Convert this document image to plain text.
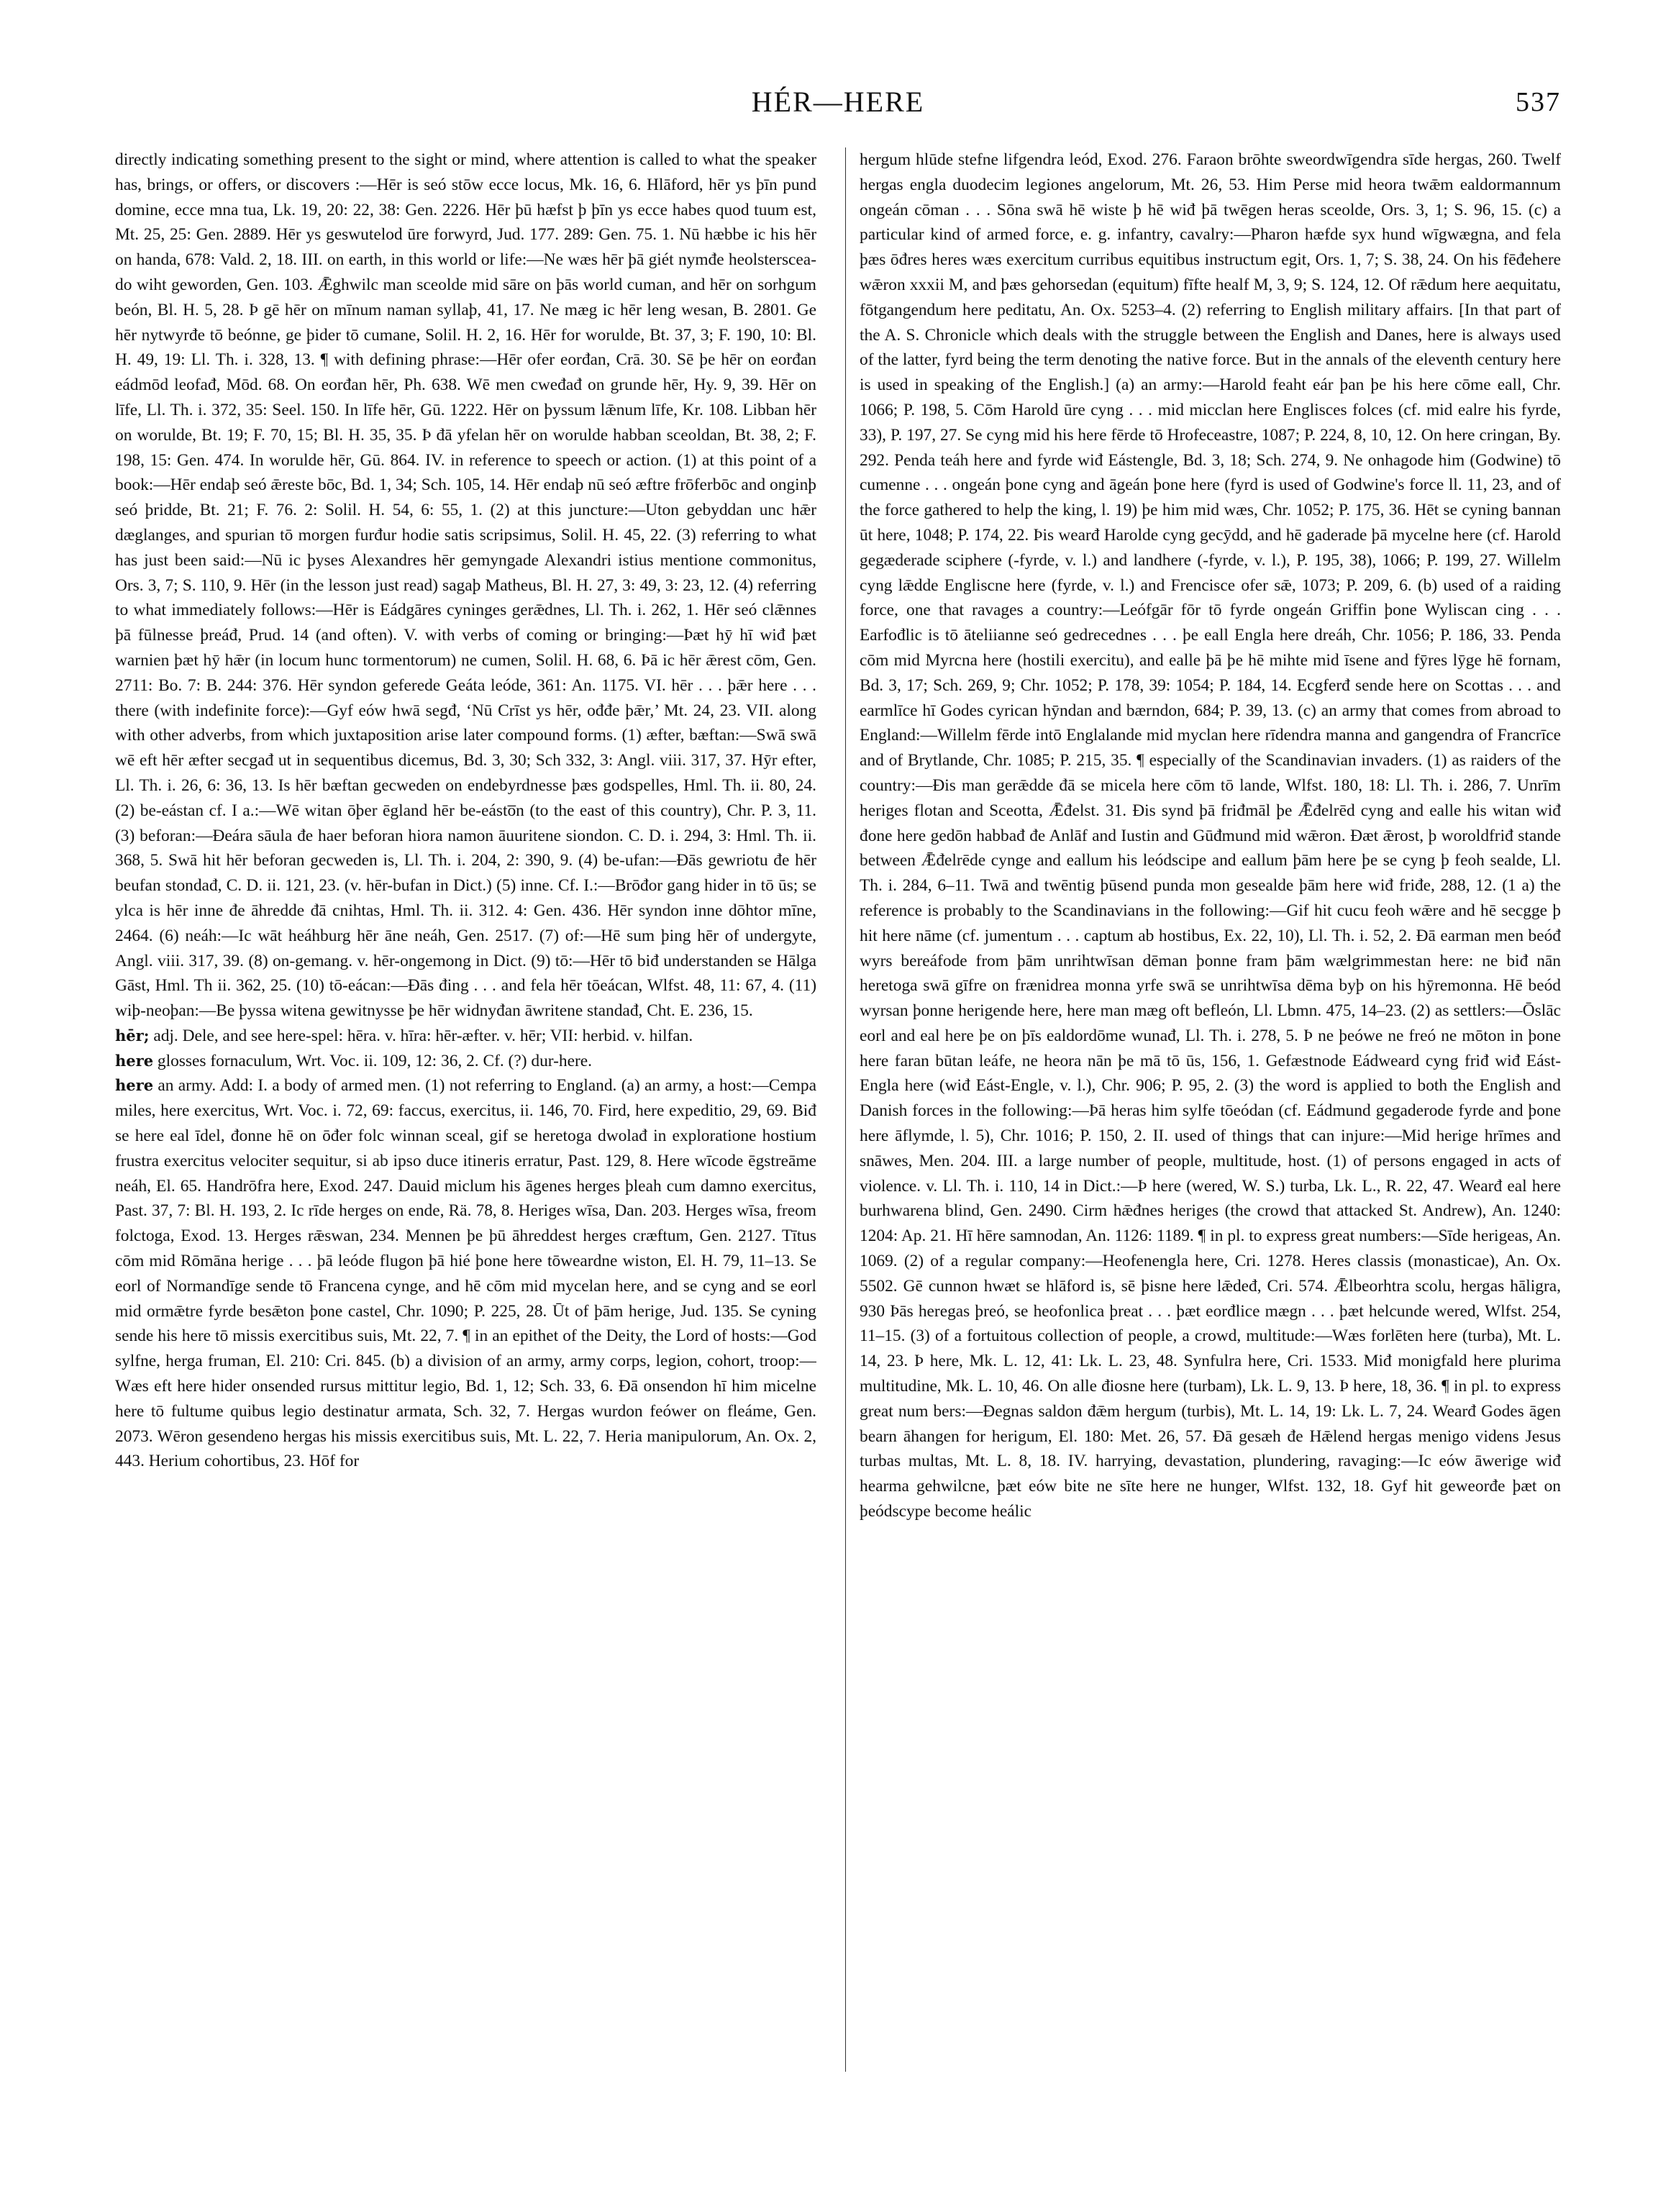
HÉR—HERE	537

directly indicating something present to the sight or mind, where attention is called to what the speaker has, brings, or offers, or discovers :—Hēr is seó stōw ecce locus, Mk. 16, 6. Hlāford, hēr ys þīn pund domine, ecce mna tua, Lk. 19, 20: 22, 38: Gen. 2226. Hēr þū hæfst þ þīn ys ecce habes quod tuum est, Mt. 25, 25: Gen. 2889. Hēr ys geswutelod ūre forwyrd, Jud. 177. 289: Gen. 75. 1. Nū hæbbe ic his hēr on handa, 678: Vald. 2, 18. III. on earth, in this world or life:—Ne wæs hēr þā giét nymđe heolstersceado wiht geworden, Gen. 103. Ǣghwilc man sceolde mid sāre on þās world cuman, and hēr on sorhgum beón, Bl. H. 5, 28. Þ gē hēr on mīnum naman syllaþ, 41, 17. Ne mæg ic hēr leng wesan, B. 2801. Ge hēr nytwyrđe tō beónne, ge þider tō cumane, Solil. H. 2, 16. Hēr for worulde, Bt. 37, 3; F. 190, 10: Bl. H. 49, 19: Ll. Th. i. 328, 13. ¶ with defining phrase:—Hēr ofer eorđan, Crā. 30. Sē þe hēr on eorđan eádmōd leofađ, Mōd. 68. On eorđan hēr, Ph. 638. Wē men cweđađ on grunde hēr, Hy. 9, 39. Hēr on līfe, Ll. Th. i. 372, 35: Seel. 150. In līfe hēr, Gū. 1222. Hēr on þyssum lǣnum līfe, Kr. 108. Libban hēr on worulde, Bt. 19; F. 70, 15; Bl. H. 35, 35. Þ đā yfelan hēr on worulde habban sceoldan, Bt. 38, 2; F. 198, 15: Gen. 474. In worulde hēr, Gū. 864. IV. in reference to speech or action. (1) at this point of a book:—Hēr endaþ seó ǣreste bōc, Bd. 1, 34; Sch. 105, 14. Hēr endaþ nū seó æftre frōferbōc and onginþ seó þridde, Bt. 21; F. 76. 2: Solil. H. 54, 6: 55, 1. (2) at this juncture:—Uton gebyddan unc hǣr dæglanges, and spurian tō morgen furđur hodie satis scripsimus, Solil. H. 45, 22. (3) referring to what has just been said:—Nū ic þyses Alexandres hēr gemyngade Alexandri istius mentione commonitus, Ors. 3, 7; S. 110, 9. Hēr (in the lesson just read) sagaþ Matheus, Bl. H. 27, 3: 49, 3: 23, 12. (4) referring to what immediately follows:—Hēr is Eádgāres cyninges gerǣdnes, Ll. Th. i. 262, 1. Hēr seó clǣnnes þā fūlnesse þreáđ, Prud. 14 (and often). V. with verbs of coming or bringing:—Þæt hȳ hī wiđ þæt warnien þæt hȳ hǣr (in locum hunc tormentorum) ne cumen, Solil. H. 68, 6. Þā ic hēr ǣrest cōm, Gen. 2711: Bo. 7: B. 244: 376. Hēr syndon geferede Geáta leóde, 361: An. 1175. VI. hēr . . . þǣr here . . . there (with indefinite force):—Gyf eów hwā segđ, ‘Nū Crīst ys hēr, ođđe þǣr,’ Mt. 24, 23. VII. along with other adverbs, from which juxtaposition arise later compound forms. (1) æfter, bæftan:—Swā swā wē eft hēr æfter secgađ ut in sequentibus dicemus, Bd. 3, 30; Sch 332, 3: Angl. viii. 317, 37. Hȳr efter, Ll. Th. i. 26, 6: 36, 13. Is hēr bæftan gecweden on endebyrdnesse þæs godspelles, Hml. Th. ii. 80, 24. (2) be-eástan cf. I a.:—Wē witan ōþer ēgland hēr be-eásto̅n (to the east of this country), Chr. P. 3, 11. (3) beforan:—Đeára sāula đe haer beforan hiora namon āuuritene siondon. C. D. i. 294, 3: Hml. Th. ii. 368, 5. Swā hit hēr beforan gecweden is, Ll. Th. i. 204, 2: 390, 9. (4) be-ufan:—Đās gewriotu đe hēr beufan stondađ, C. D. ii. 121, 23. (v. hēr-bufan in Dict.) (5) inne. Cf. I.:—Brōđor gang hider in tō ūs; se ylca is hēr inne đe āhredde đā cnihtas, Hml. Th. ii. 312. 4: Gen. 436. Hēr syndon inne dōhtor mīne, 2464. (6) neáh:—Ic wāt heáhburg hēr āne neáh, Gen. 2517. (7) of:—Hē sum þing hēr of undergyte, Angl. viii. 317, 39. (8) on-gemang. v. hēr-ongemong in Dict. (9) tō:—Hēr tō biđ understanden se Hālga Gāst, Hml. Th ii. 362, 25. (10) tō-eácan:—Đās đing . . . and fela hēr tōeácan, Wlfst. 48, 11: 67, 4. (11) wiþ-neoþan:—Be þyssa witena gewitnysse þe hēr widnyđan āwritene standađ, Cht. E. 236, 15.

hēr; adj. Dele, and see here-spel: hēra. v. hīra: hēr-æfter. v. hēr; VII: herbid. v. hilfan.

here glosses fornaculum, Wrt. Voc. ii. 109, 12: 36, 2. Cf. (?) dur-here.

here an army. Add: I. a body of armed men. (1) not referring to England. (a) an army, a host:—Cempa miles, here exercitus, Wrt. Voc. i. 72, 69: faccus, exercitus, ii. 146, 70. Fird, here expeditio, 29, 69. Biđ se here eal īdel, đonne hē on ōđer folc winnan sceal, gif se heretoga dwolađ in exploratione hostium frustra exercitus velociter sequitur, si ab ipso duce itineris erratur, Past. 129, 8. Here wīcode ēgstreāme neáh, El. 65. Handrōfra here, Exod. 247. Dauid miclum his āgenes herges þleah cum damno exercitus, Past. 37, 7: Bl. H. 193, 2. Ic rīde herges on ende, Rä. 78, 8. Heriges wīsa, Dan. 203. Herges wīsa, freom folctoga, Exod. 13. Herges rǣswan, 234. Mennen þe þū āhreddest herges cræftum, Gen. 2127. Tītus cōm mid Rōmāna herige . . . þā leóde flugon þā hié þone here tōweardne wiston, El. H. 79, 11–13. Se eorl of Normandīge sende tō Francena cynge, and hē cōm mid mycelan here, and se cyng and se eorl mid ormǣtre fyrde besǣton þone castel, Chr. 1090; P. 225, 28. Ūt of þām herige, Jud. 135. Se cyning sende his here tō missis exercitibus suis, Mt. 22, 7. ¶ in an epithet of the Deity, the Lord of hosts:—God sylfne, herga fruman, El. 210: Cri. 845. (b) a division of an army, army corps, legion, cohort, troop:—Wæs eft here hider onsended rursus mittitur legio, Bd. 1, 12; Sch. 33, 6. Đā onsendon hī him micelne here tō fultume quibus legio destinatur armata, Sch. 32, 7. Hergas wurdon feówer on fleáme, Gen. 2073. Wēron gesendeno hergas his missis exercitibus suis, Mt. L. 22, 7. Heria manipulorum, An. Ox. 2, 443. Herium cohortibus, 23. Hōf for

hergum hlūde stefne lifgendra leód, Exod. 276. Faraon brōhte sweordwīgendra sīde hergas, 260. Twelf hergas engla duodecim legiones angelorum, Mt. 26, 53. Him Perse mid heora twǣm ealdormannum ongeán cōman . . . Sōna swā hē wiste þ hē wiđ þā twēgen heras sceolde, Ors. 3, 1; S. 96, 15. (c) a particular kind of armed force, e. g. infantry, cavalry:—Pharon hæfde syx hund wīgwægna, and fela þæs ōđres heres wæs exercitum curribus equitibus instructum egit, Ors. 1, 7; S. 38, 24. On his fēđehere wǣron xxxii M, and þæs gehorsedan (equitum) fīfte healf M, 3, 9; S. 124, 12. Of rǣdum here aequitatu, fōtgangendum here peditatu, An. Ox. 5253–4. (2) referring to English military affairs. [In that part of the A. S. Chronicle which deals with the struggle between the English and Danes, here is always used of the latter, fyrd being the term denoting the native force. But in the annals of the eleventh century here is used in speaking of the English.] (a) an army:—Harold feaht eár þan þe his here cōme eall, Chr. 1066; P. 198, 5. Cōm Harold ūre cyng . . . mid micclan here Englisces folces (cf. mid ealre his fyrde, 33), P. 197, 27. Se cyng mid his here fērde tō Hrofeceastre, 1087; P. 224, 8, 10, 12. On here cringan, By. 292. Penda teáh here and fyrde wiđ Eástengle, Bd. 3, 18; Sch. 274, 9. Ne onhagode him (Godwine) tō cumenne . . . ongeán þone cyng and āgeán þone here (fyrd is used of Godwine's force ll. 11, 23, and of the force gathered to help the king, l. 19) þe him mid wæs, Chr. 1052; P. 175, 36. Hēt se cyning bannan ūt here, 1048; P. 174, 22. Þis wearđ Harolde cyng gecȳdd, and hē gaderade þā mycelne here (cf. Harold gegæderade sciphere (-fyrde, v. l.) and landhere (-fyrde, v. l.), P. 195, 38), 1066; P. 199, 27. Willelm cyng lǣdde Engliscne here (fyrde, v. l.) and Frencisce ofer sǣ, 1073; P. 209, 6. (b) used of a raiding force, one that ravages a country:—Leófgār fōr tō fyrde ongeán Griffin þone Wyliscan cing . . . Earfođlic is tō āteliianne seó gedrecednes . . . þe eall Engla here dreáh, Chr. 1056; P. 186, 33. Penda cōm mid Myrcna here (hostili exercitu), and ealle þā þe hē mihte mid īsene and fȳres lȳge hē fornam, Bd. 3, 17; Sch. 269, 9; Chr. 1052; P. 178, 39: 1054; P. 184, 14. Ecgferđ sende here on Scottas . . . and earmlīce hī Godes cyrican hȳndan and bærndon, 684; P. 39, 13. (c) an army that comes from abroad to England:—Willelm fērde intō Englalande mid myclan here rīdendra manna and gangendra of Francrīce and of Brytlande, Chr. 1085; P. 215, 35. ¶ especially of the Scandinavian invaders. (1) as raiders of the country:—Đis man gerǣdde đā se micela here cōm tō lande, Wlfst. 180, 18: Ll. Th. i. 286, 7. Unrīm heriges flotan and Sceotta, Ǣđelst. 31. Đis synd þā friđmāl þe Ǣđelrēd cyng and ealle his witan wiđ đone here gedōn habbađ đe Anlāf and Iustin and Gūđmund mid wǣron. Đæt ǣrost, þ woroldfriđ stande between Ǣđelrēde cynge and eallum his leódscipe and eallum þām here þe se cyng þ feoh sealde, Ll. Th. i. 284, 6–11. Twā and twēntig þūsend punda mon gesealde þām here wiđ friđe, 288, 12. (1 a) the reference is probably to the Scandinavians in the following:—Gif hit cucu feoh wǣre and hē secgge þ hit here nāme (cf. jumentum . . . captum ab hostibus, Ex. 22, 10), Ll. Th. i. 52, 2. Đā earman men beóđ wyrs bereáfode from þām unrihtwīsan dēman þonne fram þām wælgrimmestan here: ne biđ nān heretoga swā gīfre on frænidrea monna yrfe swā se unrihtwīsa dēma byþ on his hȳremonna. Hē beód wyrsan þonne herigende here, here man mæg oft befleón, Ll. Lbmn. 475, 14–23. (2) as settlers:—Ōslāc eorl and eal here þe on þīs ealdordōme wunađ, Ll. Th. i. 278, 5. Þ ne þeówe ne freó ne mōton in þone here faran būtan leáfe, ne heora nān þe mā tō ūs, 156, 1. Gefæstnode Eádweard cyng friđ wiđ Eást-Engla here (wiđ Eást-Engle, v. l.), Chr. 906; P. 95, 2. (3) the word is applied to both the English and Danish forces in the following:—Þā heras him sylfe tōeódan (cf. Eádmund gegaderode fyrde and þone here āflymde, l. 5), Chr. 1016; P. 150, 2. II. used of things that can injure:—Mid herige hrīmes and snāwes, Men. 204. III. a large number of people, multitude, host. (1) of persons engaged in acts of violence. v. Ll. Th. i. 110, 14 in Dict.:—Þ here (wered, W. S.) turba, Lk. L., R. 22, 47. Wearđ eal here burhwarena blind, Gen. 2490. Cirm hǣđnes heriges (the crowd that attacked St. Andrew), An. 1240: 1204: Ap. 21. Hī hēre samnodan, An. 1126: 1189. ¶ in pl. to express great numbers:—Sīde herigeas, An. 1069. (2) of a regular company:—Heofenengla here, Cri. 1278. Heres classis (monasticae), An. Ox. 5502. Gē cunnon hwæt se hlāford is, sē þisne here lǣdeđ, Cri. 574. Ǣlbeorhtra scolu, hergas hāligra, 930 Þās heregas þreó, se heofonlica þreat . . . þæt eorđlice mægn . . . þæt helcunde wered, Wlfst. 254, 11–15. (3) of a fortuitous collection of people, a crowd, multitude:—Wæs forlēten here (turba), Mt. L. 14, 23. Þ here, Mk. L. 12, 41: Lk. L. 23, 48. Synfulra here, Cri. 1533. Miđ monigfald here plurima multitudine, Mk. L. 10, 46. On alle điosne here (turbam), Lk. L. 9, 13. Þ here, 18, 36. ¶ in pl. to express great num bers:—Đegnas saldon đǣm hergum (turbis), Mt. L. 14, 19: Lk. L. 7, 24. Wearđ Godes āgen bearn āhangen for herigum, El. 180: Met. 26, 57. Đā gesæh đe Hǣlend hergas menigo videns Jesus turbas multas, Mt. L. 8, 18. IV. harrying, devastation, plundering, ravaging:—Ic eów āwerige wiđ hearma gehwilcne, þæt eów bite ne sīte here ne hunger, Wlfst. 132, 18. Gyf hit geweorđe þæt on þeódscype become heálic
